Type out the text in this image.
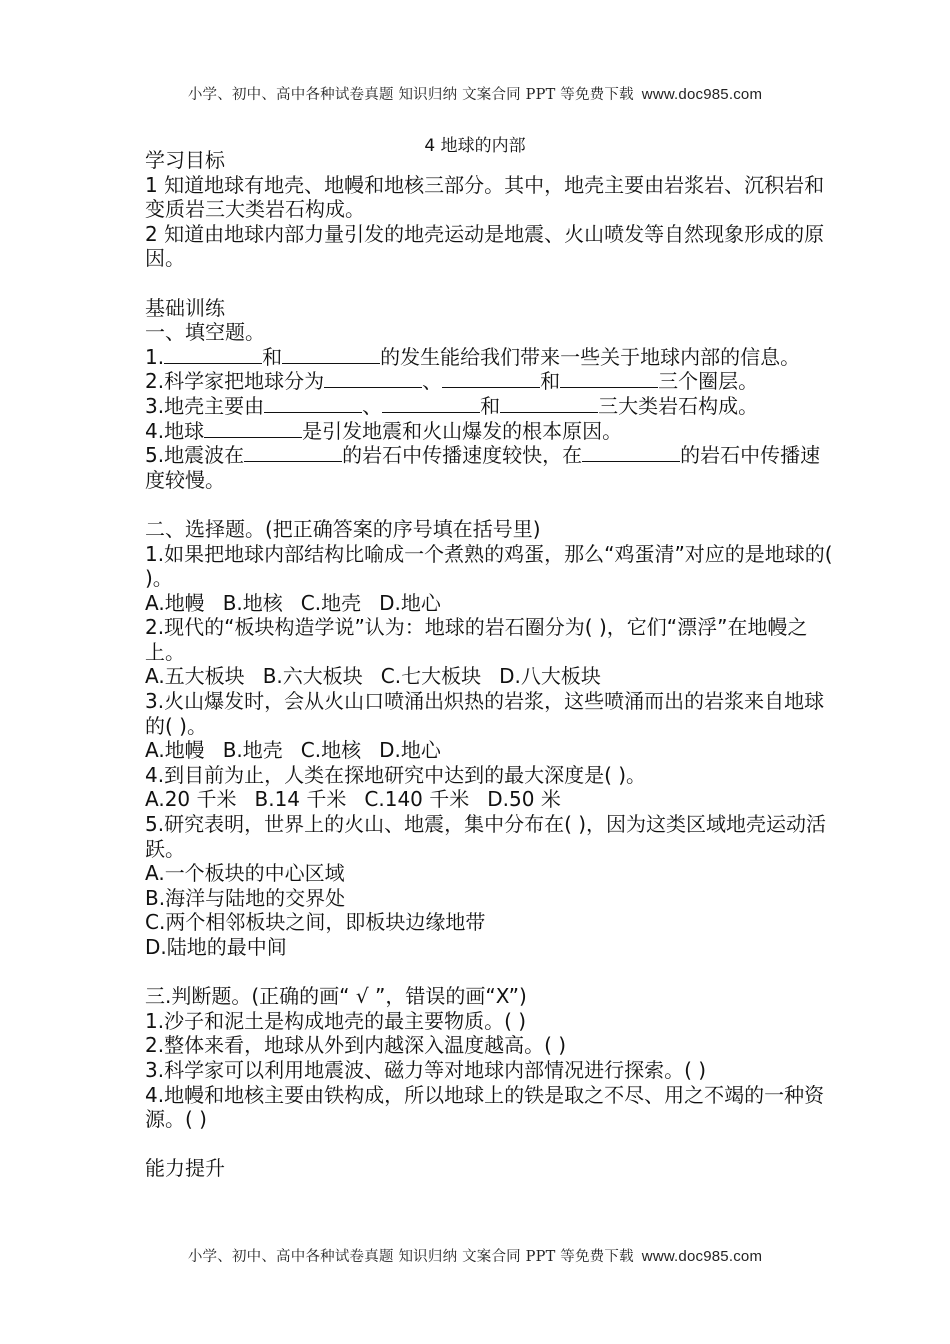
小学、初中、高中各种试卷真题 知识归纳 文案合同 PPT 等免费下载 www.doc985.com
4 地球的内部

学习目标

1 知道地球有地壳、地幔和地核三部分。其中，地壳主要由岩浆岩、沉积岩和变质岩三大类岩石构成。

2 知道由地球内部力量引发的地壳运动是地震、火山喷发等自然现象形成的原因。

基础训练

一、填空题。

1.	和	的发生能给我们带来一些关于地球内部的信息。

2.科学家把地球分为	、	和	三个圈层。

3.地壳主要由	、	和	三大类岩石构成。

4.地球	是引发地震和火山爆发的根本原因。

5.地震波在	的岩石中传播速度较快，在	的岩石中传播速度较慢。

二、选择题。(把正确答案的序号填在括号里)

1.如果把地球内部结构比喻成一个煮熟的鸡蛋，那么“鸡蛋清”对应的是地球的( )。

A.地幔 B.地核 C.地壳 D.地心

2.现代的“板块构造学说”认为：地球的岩石圈分为( )，它们“漂浮”在地幔之上。

A.五大板块 B.六大板块 C.七大板块 D.八大板块

3.火山爆发时，会从火山口喷涌出炽热的岩浆，这些喷涌而出的岩浆来自地球的( )。

A.地幔 B.地壳 C.地核 D.地心

4.到目前为止，人类在探地研究中达到的最大深度是( )。

A.20 千米 B.14 千米 C.140 千米 D.50 米

5.研究表明，世界上的火山、地震，集中分布在( )，因为这类区域地壳运动活跃。

A.一个板块的中心区域

B.海洋与陆地的交界处

C.两个相邻板块之间，即板块边缘地带

D.陆地的最中间

三.判断题。(正确的画“ √ ”，错误的画“X”)

1.沙子和泥土是构成地壳的最主要物质。( )

2.整体来看，地球从外到内越深入温度越高。( )

3.科学家可以利用地震波、磁力等对地球内部情况进行探索。( )

4.地幔和地核主要由铁构成，所以地球上的铁是取之不尽、用之不竭的一种资源。( )

能力提升

小学、初中、高中各种试卷真题 知识归纳 文案合同 PPT 等免费下载 www.doc985.com
